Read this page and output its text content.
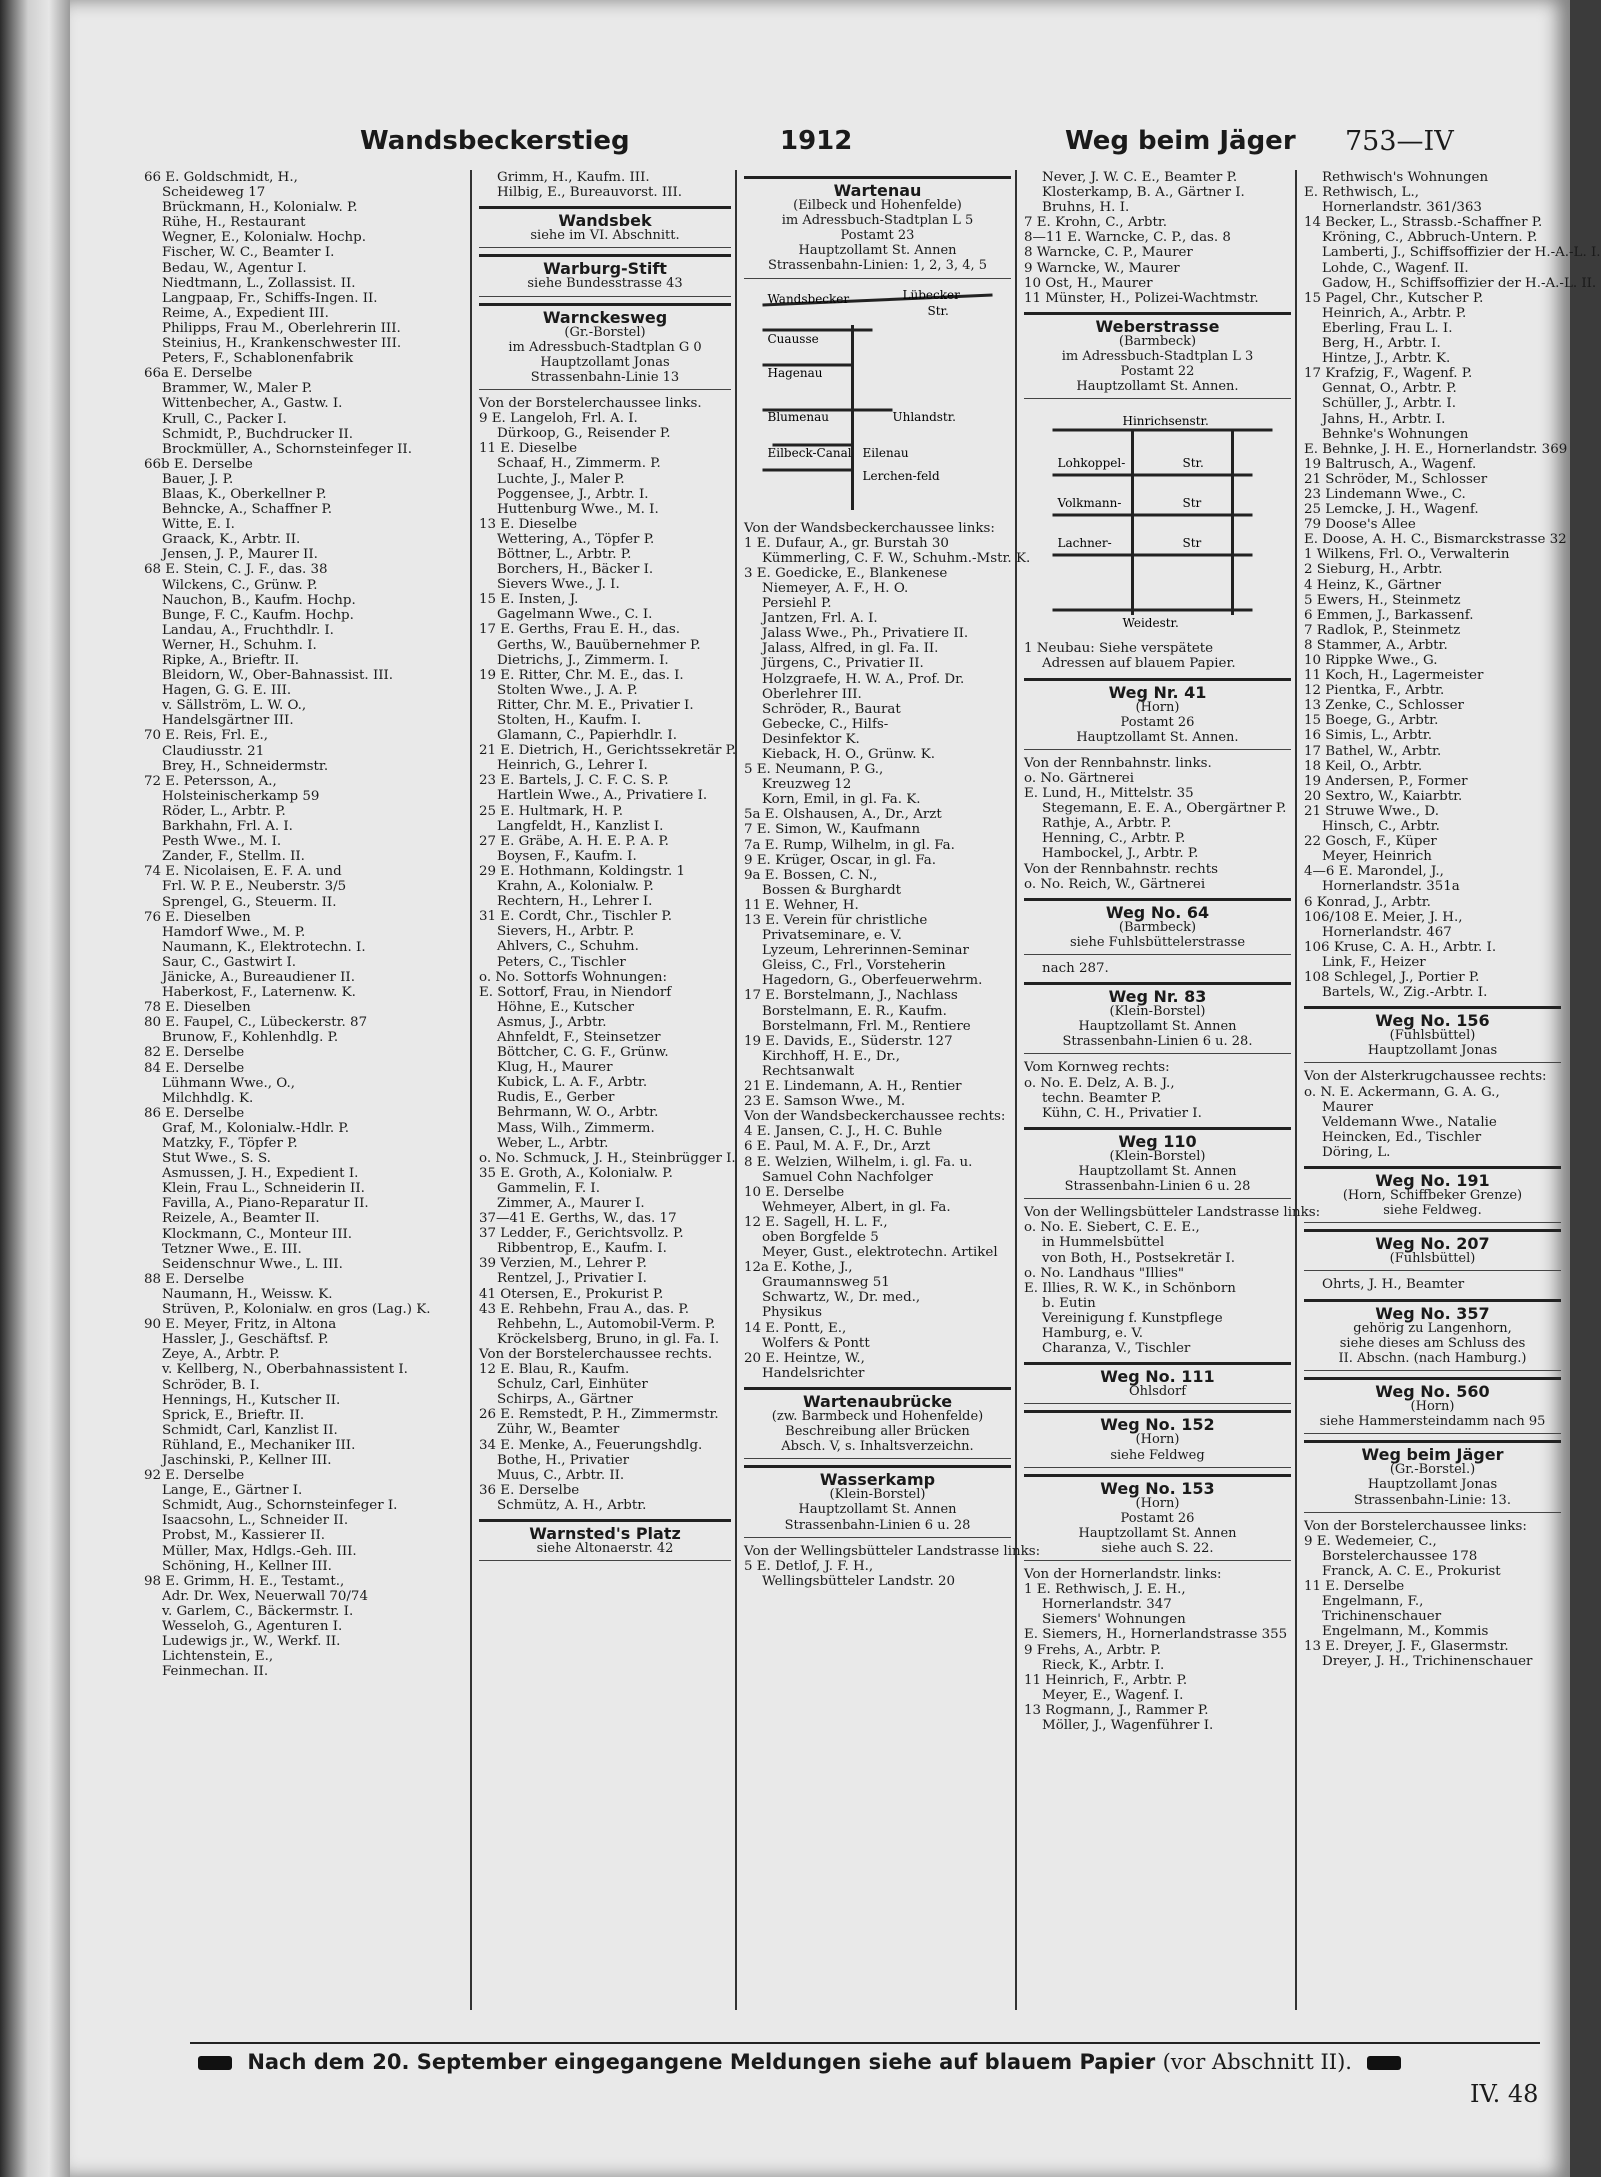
Wandsbeckerstieg	1912	Weg beim Jäger 753—IV
66 E. Goldschmidt, H.,
Scheideweg 17
Brückmann, H., Kolonialw. P.
Rühe, H., Restaurant
Wegner, E., Kolonialw. Hochp.
Fischer, W. C., Beamter I.
Bedau, W., Agentur I.
Niedtmann, L., Zollassist. II.
Langpaap, Fr., Schiffs-Ingen. II.
Reime, A., Expedient III.
Philipps, Frau M., Oberlehrerin III.
Steinius, H., Krankenschwester III.
Peters, F., Schablonenfabrik
66a E. Derselbe
Brammer, W., Maler P.
Wittenbecher, A., Gastw. I.
Krull, C., Packer I.
Schmidt, P., Buchdrucker II.
Brockmüller, A., Schornsteinfeger II.
66b E. Derselbe
Bauer, J. P.
Blaas, K., Oberkellner P.
Behncke, A., Schaffner P.
Witte, E. I.
Graack, K., Arbtr. II.
Jensen, J. P., Maurer II.
68 E. Stein, C. J. F., das. 38
Wilckens, C., Grünw. P.
Nauchon, B., Kaufm. Hochp.
Bunge, F. C., Kaufm. Hochp.
Landau, A., Fruchthdlr. I.
Werner, H., Schuhm. I.
Ripke, A., Brieftr. II.
Bleidorn, W., Ober-Bahnassist. III.
Hagen, G. G. E. III.
v. Sällström, L. W. O.,
Handelsgärtner III.
70 E. Reis, Frl. E.,
Claudiusstr. 21
Brey, H., Schneidermstr.
72 E. Petersson, A.,
Holsteinischerkamp 59
Röder, L., Arbtr. P.
Barkhahn, Frl. A. I.
Pesth Wwe., M. I.
Zander, F., Stellm. II.
74 E. Nicolaisen, E. F. A. und
Frl. W. P. E., Neuberstr. 3/5
Sprengel, G., Steuerm. II.
76 E. Dieselben
Hamdorf Wwe., M. P.
Naumann, K., Elektrotechn. I.
Saur, C., Gastwirt I.
Jänicke, A., Bureaudiener II.
Haberkost, F., Laternenw. K.
78 E. Dieselben
80 E. Faupel, C., Lübeckerstr. 87
Brunow, F., Kohlenhdlg. P.
82 E. Derselbe
84 E. Derselbe
Lühmann Wwe., O.,
Milchhdlg. K.
86 E. Derselbe
Graf, M., Kolonialw.-Hdlr. P.
Matzky, F., Töpfer P.
Stut Wwe., S. S.
Asmussen, J. H., Expedient I.
Klein, Frau L., Schneiderin II.
Favilla, A., Piano-Reparatur II.
Reizele, A., Beamter II.
Klockmann, C., Monteur III.
Tetzner Wwe., E. III.
Seidenschnur Wwe., L. III.
88 E. Derselbe
Naumann, H., Weissw. K.
Strüven, P., Kolonialw. en gros (Lag.) K.
90 E. Meyer, Fritz, in Altona
Hassler, J., Geschäftsf. P.
Zeye, A., Arbtr. P.
v. Kellberg, N., Oberbahnassistent I.
Schröder, B. I.
Hennings, H., Kutscher II.
Sprick, E., Brieftr. II.
Schmidt, Carl, Kanzlist II.
Rühland, E., Mechaniker III.
Jaschinski, P., Kellner III.
92 E. Derselbe
Lange, E., Gärtner I.
Schmidt, Aug., Schornsteinfeger I.
Isaacsohn, L., Schneider II.
Probst, M., Kassierer II.
Müller, Max, Hdlgs.-Geh. III.
Schöning, H., Kellner III.
98 E. Grimm, H. E., Testamt.,
Adr. Dr. Wex, Neuerwall 70/74
v. Garlem, C., Bäckermstr. I.
Wesseloh, G., Agenturen I.
Ludewigs jr., W., Werkf. II.
Lichtenstein, E.,
Feinmechan. II.
Grimm, H., Kaufm. III.
Hilbig, E., Bureauvorst. III.
Wandsbek
siehe im VI. Abschnitt.
Warburg-Stift
siehe Bundesstrasse 43
Warnckesweg
(Gr.-Borstel)
im Adressbuch-Stadtplan G 0
Hauptzollamt Jonas
Strassenbahn-Linie 13
Von der Borstelerchaussee links.
9 E. Langeloh, Frl. A. I.
Dürkoop, G., Reisender P.
11 E. Dieselbe
Schaaf, H., Zimmerm. P.
Luchte, J., Maler P.
Poggensee, J., Arbtr. I.
Huttenburg Wwe., M. I.
13 E. Dieselbe
Wettering, A., Töpfer P.
Böttner, L., Arbtr. P.
Borchers, H., Bäcker I.
Sievers Wwe., J. I.
15 E. Insten, J.
Gagelmann Wwe., C. I.
17 E. Gerths, Frau E. H., das.
Gerths, W., Bauübernehmer P.
Dietrichs, J., Zimmerm. I.
19 E. Ritter, Chr. M. E., das. I.
Stolten Wwe., J. A. P.
Ritter, Chr. M. E., Privatier I.
Stolten, H., Kaufm. I.
Glamann, C., Papierhdlr. I.
21 E. Dietrich, H., Gerichtssekretär P.
Heinrich, G., Lehrer I.
23 E. Bartels, J. C. F. C. S. P.
Hartlein Wwe., A., Privatiere I.
25 E. Hultmark, H. P.
Langfeldt, H., Kanzlist I.
27 E. Gräbe, A. H. E. P. A. P.
Boysen, F., Kaufm. I.
29 E. Hothmann, Koldingstr. 1
Krahn, A., Kolonialw. P.
Rechtern, H., Lehrer I.
31 E. Cordt, Chr., Tischler P.
Sievers, H., Arbtr. P.
Ahlvers, C., Schuhm.
Peters, C., Tischler
o. No. Sottorfs Wohnungen:
E. Sottorf, Frau, in Niendorf
Höhne, E., Kutscher
Asmus, J., Arbtr.
Ahnfeldt, F., Steinsetzer
Böttcher, C. G. F., Grünw.
Klug, H., Maurer
Kubick, L. A. F., Arbtr.
Rudis, E., Gerber
Behrmann, W. O., Arbtr.
Mass, Wilh., Zimmerm.
Weber, L., Arbtr.
o. No. Schmuck, J. H., Steinbrügger I.
35 E. Groth, A., Kolonialw. P.
Gammelin, F. I.
Zimmer, A., Maurer I.
37—41 E. Gerths, W., das. 17
37 Ledder, F., Gerichtsvollz. P.
Ribbentrop, E., Kaufm. I.
39 Verzien, M., Lehrer P.
Rentzel, J., Privatier I.
41 Otersen, E., Prokurist P.
43 E. Rehbehn, Frau A., das. P.
Rehbehn, L., Automobil-Verm. P.
Kröckelsberg, Bruno, in gl. Fa. I.
Von der Borstelerchaussee rechts.
12 E. Blau, R., Kaufm.
Schulz, Carl, Einhüter
Schirps, A., Gärtner
26 E. Remstedt, P. H., Zimmermstr.
Zühr, W., Beamter
34 E. Menke, A., Feuerungshdlg.
Bothe, H., Privatier
Muus, C., Arbtr. II.
36 E. Derselbe
Schmütz, A. H., Arbtr.
Warnsted's Platz
siehe Altonaerstr. 42
Wartenau
(Eilbeck und Hohenfelde)
im Adressbuch-Stadtplan L 5
Postamt 23
Hauptzollamt St. Annen
Strassenbahn-Linien: 1, 2, 3, 4, 5
Wandsbecker	Lübecker
Str.
Cuausse
Hagenau
Blumenau	Uhlandstr.
Eilbeck-Canal
Lerchen-feld
Eilenau
Von der Wandsbeckerchaussee links:
1 E. Dufaur, A., gr. Burstah 30
Kümmerling, C. F. W., Schuhm.-Mstr. K.
3 E. Goedicke, E., Blankenese
Niemeyer, A. F., H. O.
Persiehl P.
Jantzen, Frl. A. I.
Jalass Wwe., Ph., Privatiere II.
Jalass, Alfred, in gl. Fa. II.
Jürgens, C., Privatier II.
Holzgraefe, H. W. A., Prof. Dr.
Oberlehrer III.
Schröder, R., Baurat
Gebecke, C., Hilfs-
Desinfektor K.
Kieback, H. O., Grünw. K.
5 E. Neumann, P. G.,
Kreuzweg 12
Korn, Emil, in gl. Fa. K.
5a E. Olshausen, A., Dr., Arzt
7 E. Simon, W., Kaufmann
7a E. Rump, Wilhelm, in gl. Fa.
9 E. Krüger, Oscar, in gl. Fa.
9a E. Bossen, C. N.,
Bossen & Burghardt
11 E. Wehner, H.
13 E. Verein für christliche
Privatseminare, e. V.
Lyzeum, Lehrerinnen-Seminar
Gleiss, C., Frl., Vorsteherin
Hagedorn, G., Oberfeuerwehrm.
17 E. Borstelmann, J., Nachlass
Borstelmann, E. R., Kaufm.
Borstelmann, Frl. M., Rentiere
19 E. Davids, E., Süderstr. 127
Kirchhoff, H. E., Dr.,
Rechtsanwalt
21 E. Lindemann, A. H., Rentier
23 E. Samson Wwe., M.
Von der Wandsbeckerchaussee rechts:
4 E. Jansen, C. J., H. C. Buhle
6 E. Paul, M. A. F., Dr., Arzt
8 E. Welzien, Wilhelm, i. gl. Fa. u.
Samuel Cohn Nachfolger
10 E. Derselbe
Wehmeyer, Albert, in gl. Fa.
12 E. Sagell, H. L. F.,
oben Borgfelde 5
Meyer, Gust., elektrotechn. Artikel
12a E. Kothe, J.,
Graumannsweg 51
Schwartz, W., Dr. med.,
Physikus
14 E. Pontt, E.,
Wolfers & Pontt
20 E. Heintze, W.,
Handelsrichter
Wartenaubrücke
(zw. Barmbeck und Hohenfelde)
Beschreibung aller Brücken
Absch. V, s. Inhaltsverzeichn.
Wasserkamp
(Klein-Borstel)
Hauptzollamt St. Annen
Strassenbahn-Linien 6 u. 28
Von der Wellingsbütteler Landstrasse links:
5 E. Detlof, J. F. H.,
Wellingsbütteler Landstr. 20
Never, J. W. C. E., Beamter P.
Klosterkamp, B. A., Gärtner I.
Bruhns, H. I.
7 E. Krohn, C., Arbtr.
8—11 E. Warncke, C. P., das. 8
8 Warncke, C. P., Maurer
9 Warncke, W., Maurer
10 Ost, H., Maurer
11 Münster, H., Polizei-Wachtmstr.
Weberstrasse
(Barmbeck)
im Adressbuch-Stadtplan L 3
Postamt 22
Hauptzollamt St. Annen.
Hinrichsenstr.
Lohkoppel-	Str.
Volkmann-	Str
Lachner-	Str
Weidestr.
1 Neubau: Siehe verspätete
Adressen auf blauem Papier.
Weg Nr. 41
(Horn)
Postamt 26
Hauptzollamt St. Annen.
Von der Rennbahnstr. links.
o. No. Gärtnerei
E. Lund, H., Mittelstr. 35
Stegemann, E. E. A., Obergärtner P.
Rathje, A., Arbtr. P.
Henning, C., Arbtr. P.
Hambockel, J., Arbtr. P.
Von der Rennbahnstr. rechts
o. No. Reich, W., Gärtnerei
Weg No. 64
(Barmbeck)
siehe Fuhlsbüttelerstrasse
nach 287.
Weg Nr. 83
(Klein-Borstel)
Hauptzollamt St. Annen
Strassenbahn-Linien 6 u. 28.
Vom Kornweg rechts:
o. No. E. Delz, A. B. J.,
techn. Beamter P.
Kühn, C. H., Privatier I.
Weg 110
(Klein-Borstel)
Hauptzollamt St. Annen
Strassenbahn-Linien 6 u. 28
Von der Wellingsbütteler Landstrasse links:
o. No. E. Siebert, C. E. E.,
in Hummelsbüttel
von Both, H., Postsekretär I.
o. No. Landhaus "Illies"
E. Illies, R. W. K., in Schönborn
b. Eutin
Vereinigung f. Kunstpflege
Hamburg, e. V.
Charanza, V., Tischler
Weg No. 111
Ohlsdorf
Weg No. 152
(Horn)
siehe Feldweg
Weg No. 153
(Horn)
Postamt 26
Hauptzollamt St. Annen
siehe auch S. 22.
Von der Hornerlandstr. links:
1 E. Rethwisch, J. E. H.,
Hornerlandstr. 347
Siemers' Wohnungen
E. Siemers, H., Hornerlandstrasse 355
9 Frehs, A., Arbtr. P.
Rieck, K., Arbtr. I.
11 Heinrich, F., Arbtr. P.
Meyer, E., Wagenf. I.
13 Rogmann, J., Rammer P.
Möller, J., Wagenführer I.
Rethwisch's Wohnungen
E. Rethwisch, L.,
Hornerlandstr. 361/363
14 Becker, L., Strassb.-Schaffner P.
Kröning, C., Abbruch-Untern. P.
Lamberti, J., Schiffsoffizier der H.-A.-L. I.
Lohde, C., Wagenf. II.
Gadow, H., Schiffsoffizier der H.-A.-L. II.
15 Pagel, Chr., Kutscher P.
Heinrich, A., Arbtr. P.
Eberling, Frau L. I.
Berg, H., Arbtr. I.
Hintze, J., Arbtr. K.
17 Krafzig, F., Wagenf. P.
Gennat, O., Arbtr. P.
Schüller, J., Arbtr. I.
Jahns, H., Arbtr. I.
Behnke's Wohnungen
E. Behnke, J. H. E., Hornerlandstr. 369
19 Baltrusch, A., Wagenf.
21 Schröder, M., Schlosser
23 Lindemann Wwe., C.
25 Lemcke, J. H., Wagenf.
79 Doose's Allee
E. Doose, A. H. C., Bismarckstrasse 32
1 Wilkens, Frl. O., Verwalterin
2 Sieburg, H., Arbtr.
4 Heinz, K., Gärtner
5 Ewers, H., Steinmetz
6 Emmen, J., Barkassenf.
7 Radlok, P., Steinmetz
8 Stammer, A., Arbtr.
10 Rippke Wwe., G.
11 Koch, H., Lagermeister
12 Pientka, F., Arbtr.
13 Zenke, C., Schlosser
15 Boege, G., Arbtr.
16 Simis, L., Arbtr.
17 Bathel, W., Arbtr.
18 Keil, O., Arbtr.
19 Andersen, P., Former
20 Sextro, W., Kaiarbtr.
21 Struwe Wwe., D.
Hinsch, C., Arbtr.
22 Gosch, F., Küper
Meyer, Heinrich
4—6 E. Marondel, J.,
Hornerlandstr. 351a
6 Konrad, J., Arbtr.
106/108 E. Meier, J. H.,
Hornerlandstr. 467
106 Kruse, C. A. H., Arbtr. I.
Link, F., Heizer
108 Schlegel, J., Portier P.
Bartels, W., Zig.-Arbtr. I.
Weg No. 156
(Fuhlsbüttel)
Hauptzollamt Jonas
Von der Alsterkrugchaussee rechts:
o. N. E. Ackermann, G. A. G.,
Maurer
Veldemann Wwe., Natalie
Heincken, Ed., Tischler
Döring, L.
Weg No. 191
(Horn, Schiffbeker Grenze)
siehe Feldweg.
Weg No. 207
(Fuhlsbüttel)
Ohrts, J. H., Beamter
Weg No. 357
gehörig zu Langenhorn,
siehe dieses am Schluss des
II. Abschn. (nach Hamburg.)
Weg No. 560
(Horn)
siehe Hammersteindamm nach 95
Weg beim Jäger
(Gr.-Borstel.)
Hauptzollamt Jonas
Strassenbahn-Linie: 13.
Von der Borstelerchaussee links:
9 E. Wedemeier, C.,
Borstelerchaussee 178
Franck, A. C. E., Prokurist
11 E. Derselbe
Engelmann, F.,
Trichinenschauer
Engelmann, M., Kommis
13 E. Dreyer, J. F., Glasermstr.
Dreyer, J. H., Trichinenschauer
Nach dem 20. September eingegangene Meldungen siehe auf blauem Papier (vor Abschnitt II).
IV. 48
